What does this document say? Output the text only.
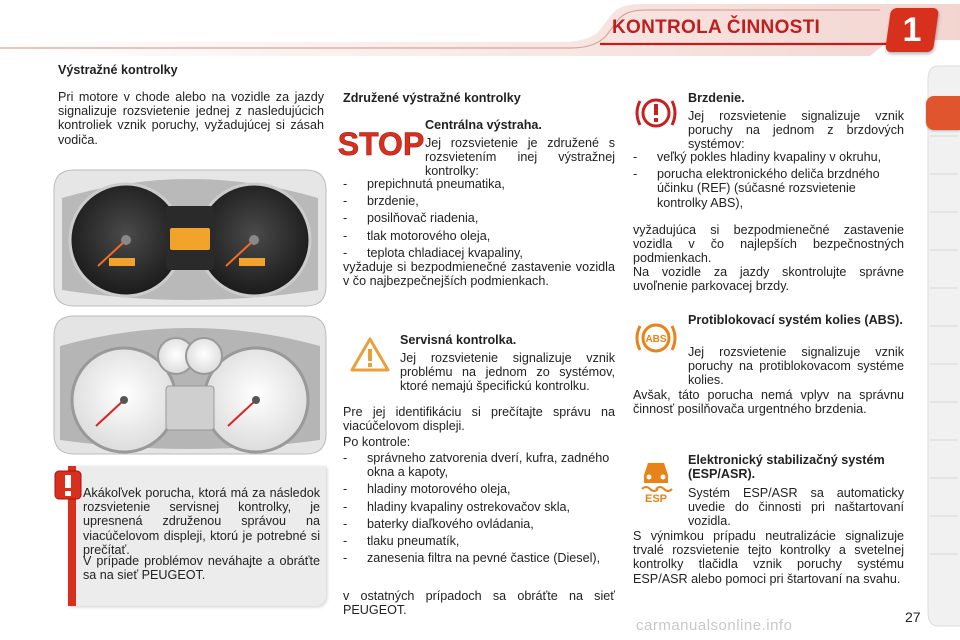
KONTROLA ČINNOSTI	1
Výstražné kontrolky

Pri motore v chode alebo na vozidle za jazdy signalizuje rozsvietenie jednej z nasledujúcich kontroliek vznik poruchy, vyžadujúcej si zásah vodiča.

Akákoľvek porucha, ktorá má za následok rozsvietenie servisnej kontrolky, je upresnená združenou správou na viacúčelovom displeji, ktorú je potrebné si prečítať.

V prípade problémov neváhajte a obráťte sa na sieť PEUGEOT.

Združené výstražné kontrolky
STOP
Centrálna výstraha.

Jej rozsvietenie je združené s rozsvietením inej výstražnej kontrolky:

- prepichnutá pneumatika,
- brzdenie,
- posilňovač riadenia,
- tlak motorového oleja,
- teplota chladiacej kvapaliny,

vyžaduje si bezpodmienečné zastavenie vozidla v čo najbezpečnejších podmienkach.

Servisná kontrolka.

Jej rozsvietenie signalizuje vznik problému na jednom zo systémov, ktoré nemajú špecifickú kontrolku.

Pre jej identifikáciu si prečítajte správu na viacúčelovom displeji.

Po kontrole:

- správneho zatvorenia dverí, kufra, zadného okna a kapoty,
- hladiny motorového oleja,
- hladiny kvapaliny ostrekovačov skla,
- baterky diaľkového ovládania,
- tlaku pneumatík,
- zanesenia filtra na pevné častice (Diesel),

v ostatných prípadoch sa obráťte na sieť PEUGEOT.

Brzdenie.

Jej rozsvietenie signalizuje vznik poruchy na jednom z brzdových systémov:

- veľký pokles hladiny kvapaliny v okruhu,
- porucha elektronického deliča brzdného účinku (REF) (súčasné rozsvietenie kontrolky ABS),

vyžadujúca si bezpodmienečné zastavenie vozidla v čo najlepších bezpečnostných podmienkach.

Na vozidle za jazdy skontrolujte správne uvoľnenie parkovacej brzdy.

ABS
Protiblokovací systém kolies (ABS).

Jej rozsvietenie signalizuje vznik poruchy na protiblokovacom systéme kolies.

Avšak, táto porucha nemá vplyv na správnu činnosť posilňovača urgentného brzdenia.

ESP
Elektronický stabilizačný systém (ESP/ASR).

Systém ESP/ASR sa automaticky uvedie do činnosti pri naštartovaní vozidla.

S výnimkou prípadu neutralizácie signalizuje trvalé rozsvietenie tejto kontrolky a svetelnej kontrolky tlačidla vznik poruchy systému ESP/ASR alebo pomoci pri štartovaní na svahu.

27
carmanualsonline.info
